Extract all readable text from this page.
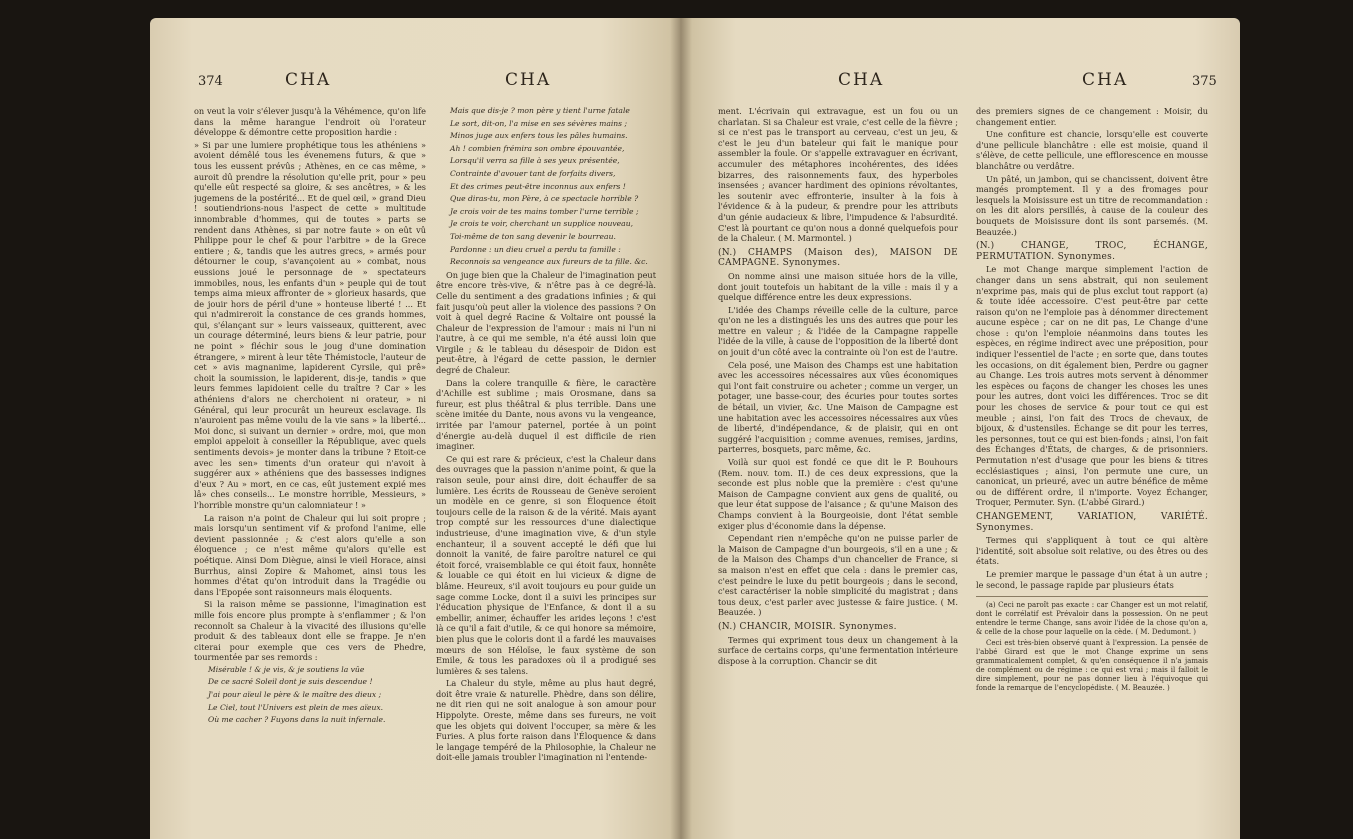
374	CHA	CHA

on veut la voir s'élever jusqu'à la Véhémence, qu'on life dans la même harangue l'endroit où l'orateur développe & démontre cette proposition hardie :

» Si par une lumiere prophétique tous les athéniens » avoient démêlé tous les évenemens futurs, & que » tous les eussent prévûs ; Athènes, en ce cas même, » auroit dû prendre la résolution qu'elle prit, pour » peu qu'elle eût respecté sa gloire, & ses ancêtres, » & les jugemens de la postérité... Et de quel œil, » grand Dieu ! soutiendrions-nous l'aspect de cette » multitude innombrable d'hommes, qui de toutes » parts se rendent dans Athènes, si par notre faute » on eût vû Philippe pour le chef & pour l'arbitre » de la Grece entiere ; &, tandis que les autres grecs, » armés pour détourner le coup, s'avançoient au » combat, nous eussions joué le personnage de » spectateurs immobiles, nous, les enfants d'un » peuple qui de tout temps aima mieux affronter de » glorieux hasards, que de jouir hors de péril d'une » honteuse liberté ! ... Et qui n'admireroit la constance de ces grands hommes, qui, s'élançant sur » leurs vaisseaux, quitterent, avec un courage déterminé, leurs biens & leur patrie, pour ne point » fléchir sous le joug d'une domination étrangere, » mirent à leur tête Thémistocle, l'auteur de cet » avis magnanime, lapiderent Cyrsile, qui prê» choit la soumission, le lapiderent, dis-je, tandis » que leurs femmes lapidoient celle du traître ? Car » les athéniens d'alors ne cherchoient ni orateur, » ni Général, qui leur procurât un heureux esclavage. Ils n'auroient pas même voulu de la vie sans » la liberté... Moi donc, si suivant un dernier » ordre, moi, que mon emploi appeloit à conseiller la République, avec quels sentiments devois» je monter dans la tribune ? Etoit-ce avec les sen» timents d'un orateur qui n'avoit à suggérer aux » athéniens que des bassesses indignes d'eux ? Au » mort, en ce cas, eût justement expié mes lâ» ches conseils... Le monstre horrible, Messieurs, » l'horrible monstre qu'un calomniateur ! »

La raison n'a point de Chaleur qui lui soit propre ; mais lorsqu'un sentiment vif & profond l'anime, elle devient passionnée ; & c'est alors qu'elle a son éloquence ; ce n'est même qu'alors qu'elle est poétique. Ainsi Dom Diègue, ainsi le vieil Horace, ainsi Burrhus, ainsi Zopire & Mahomet, ainsi tous les hommes d'état qu'on introduit dans la Tragédie ou dans l'Epopée sont raisonneurs mais éloquents.

Si la raison même se passionne, l'imagination est mille fois encore plus prompte à s'enflammer ; & l'on reconnoît sa Chaleur à la vivacité des illusions qu'elle produit & des tableaux dont elle se frappe. Je n'en citerai pour exemple que ces vers de Phedre, tourmentée par ses remords :

Misérable ! & je vis, & je soutiens la vûe

De ce sacré Soleil dont je suis descendue !

J'ai pour aïeul le père & le maître des dieux ;

Le Ciel, tout l'Univers est plein de mes aïeux.

Où me cacher ? Fuyons dans la nuit infernale.

Mais que dis-je ? mon père y tient l'urne fatale

Le sort, dit-on, l'a mise en ses sévères mains ;

Minos juge aux enfers tous les pâles humains.

Ah ! combien frémira son ombre épouvantée,

Lorsqu'il verra sa fille à ses yeux présentée,

Contrainte d'avouer tant de forfaits divers,

Et des crimes peut-être inconnus aux enfers !

Que diras-tu, mon Père, à ce spectacle horrible ?

Je crois voir de tes mains tomber l'urne terrible ;

Je crois te voir, cherchant un supplice nouveau,

Toi-même de ton sang devenir le bourreau.

Pardonne : un dieu cruel a perdu ta famille :

Reconnois sa vengeance aux fureurs de ta fille. &c.

On juge bien que la Chaleur de l'imagination peut être encore très-vive, & n'être pas à ce degré-là. Celle du sentiment a des gradations infinies ; & qui fait jusqu'où peut aller la violence des passions ? On voit à quel degré Racine & Voltaire ont poussé la Chaleur de l'expression de l'amour : mais ni l'un ni l'autre, à ce qui me semble, n'a été aussi loin que Virgile ; & le tableau du désespoir de Didon est peut-être, à l'égard de cette passion, le dernier degré de Chaleur.

Dans la colere tranquille & fière, le caractère d'Achille est sublime ; mais Orosmane, dans sa fureur, est plus théâtral & plus terrible. Dans une scène imitée du Dante, nous avons vu la vengeance, irritée par l'amour paternel, portée à un point d'énergie au-delà duquel il est difficile de rien imaginer.

Ce qui est rare & précieux, c'est la Chaleur dans des ouvrages que la passion n'anime point, & que la raison seule, pour ainsi dire, doit échauffer de sa lumière. Les écrits de Rousseau de Genève seroient un modèle en ce genre, si son Éloquence étoit toujours celle de la raison & de la vérité. Mais ayant trop compté sur les ressources d'une dialectique industrieuse, d'une imagination vive, & d'un style enchanteur, il a souvent accepté le défi que lui donnoit la vanité, de faire paroître naturel ce qui étoit forcé, vraisemblable ce qui étoit faux, honnête & louable ce qui étoit en lui vicieux & digne de blâme. Heureux, s'il avoit toujours eu pour guide un sage comme Locke, dont il a suivi les principes sur l'éducation physique de l'Enfance, & dont il a su embellir, animer, échauffer les arides leçons ! c'est là ce qu'il a fait d'utile, & ce qui honore sa mémoire, bien plus que le coloris dont il a fardé les mauvaises mœurs de son Héloïse, le faux système de son Emile, & tous les paradoxes où il a prodigué ses lumières & ses talens.

La Chaleur du style, même au plus haut degré, doit être vraie & naturelle. Phèdre, dans son délire, ne dit rien qui ne soit analogue à son amour pour Hippolyte. Oreste, même dans ses fureurs, ne voit que les objets qui doivent l'occuper, sa mère & les Furies. A plus forte raison dans l'Éloquence & dans le langage tempéré de la Philosophie, la Chaleur ne doit-elle jamais troubler l'imagination ni l'entende-

CHA	CHA	375

ment. L'écrivain qui extravague, est un fou ou un charlatan. Si sa Chaleur est vraie, c'est celle de la fièvre ; si ce n'est pas le transport au cerveau, c'est un jeu, & c'est le jeu d'un bateleur qui fait le manique pour assembler la foule. Or s'appelle extravaguer en écrivant, accumuler des métaphores incohérentes, des idées bizarres, des raisonnements faux, des hyperboles insensées ; avancer hardiment des opinions révoltantes, les soutenir avec effronterie, insulter à la fois à l'évidence & à la pudeur, & prendre pour les attributs d'un génie audacieux & libre, l'impudence & l'absurdité. C'est là pourtant ce qu'on nous a donné quelquefois pour de la Chaleur. ( M. Marmontel. )

(N.) CHAMPS (Maison des), MAISON DE CAMPAGNE. Synonymes.

On nomme ainsi une maison située hors de la ville, dont jouit toutefois un habitant de la ville : mais il y a quelque différence entre les deux expressions.

L'idée des Champs réveille celle de la culture, parce qu'on ne les a distingués les uns des autres que pour les mettre en valeur ; & l'idée de la Campagne rappelle l'idée de la ville, à cause de l'opposition de la liberté dont on jouit d'un côté avec la contrainte où l'on est de l'autre.

Cela posé, une Maison des Champs est une habitation avec les accessoires nécessaires aux vûes économiques qui l'ont fait construire ou acheter ; comme un verger, un potager, une basse-cour, des écuries pour toutes sortes de bétail, un vivier, &c. Une Maison de Campagne est une habitation avec les accessoires nécessaires aux vûes de liberté, d'indépendance, & de plaisir, qui en ont suggéré l'acquisition ; comme avenues, remises, jardins, parterres, bosquets, parc même, &c.

Voilà sur quoi est fondé ce que dit le P. Bouhours (Rem. nouv. tom. II.) de ces deux expressions, que la seconde est plus noble que la première : c'est qu'une Maison de Campagne convient aux gens de qualité, ou que leur état suppose de l'aisance ; & qu'une Maison des Champs convient à la Bourgeoisie, dont l'état semble exiger plus d'économie dans la dépense.

Cependant rien n'empêche qu'on ne puisse parler de la Maison de Campagne d'un bourgeois, s'il en a une ; & de la Maison des Champs d'un chancelier de France, si sa maison n'est en effet que cela : dans le premier cas, c'est peindre le luxe du petit bourgeois ; dans le second, c'est caractériser la noble simplicité du magistrat ; dans tous deux, c'est parler avec justesse & faire justice. ( M. Beauzée. )

(N.) CHANCIR, MOISIR. Synonymes.

Termes qui expriment tous deux un changement à la surface de certains corps, qu'une fermentation intérieure dispose à la corruption. Chancir se dit

des premiers signes de ce changement : Moisir, du changement entier.

Une confiture est chancie, lorsqu'elle est couverte d'une pellicule blanchâtre : elle est moisie, quand il s'élève, de cette pellicule, une efflorescence en mousse blanchâtre ou verdâtre.

Un pâté, un jambon, qui se chancissent, doivent être mangés promptement. Il y a des fromages pour lesquels la Moisissure est un titre de recommandation : on les dit alors persillés, à cause de la couleur des bouquets de Moisissure dont ils sont parsemés. (M. Beauzée.)

(N.) CHANGE, TROC, ÉCHANGE, PERMUTATION. Synonymes.

Le mot Change marque simplement l'action de changer dans un sens abstrait, qui non seulement n'exprime pas, mais qui de plus exclut tout rapport (a) & toute idée accessoire. C'est peut-être par cette raison qu'on ne l'emploie pas à dénommer directement aucune espèce ; car on ne dit pas, Le Change d'une chose : qu'on l'emploie néanmoins dans toutes les espèces, en régime indirect avec une préposition, pour indiquer l'essentiel de l'acte ; en sorte que, dans toutes les occasions, on dit également bien, Perdre ou gagner au Change. Les trois autres mots servent à dénommer les espèces ou façons de changer les choses les unes pour les autres, dont voici les différences. Troc se dit pour les choses de service & pour tout ce qui est meuble ; ainsi, l'on fait des Trocs de chevaux, de bijoux, & d'ustensiles. Échange se dit pour les terres, les personnes, tout ce qui est bien-fonds ; ainsi, l'on fait des Échanges d'États, de charges, & de prisonniers. Permutation n'est d'usage que pour les biens & titres ecclésiastiques ; ainsi, l'on permute une cure, un canonicat, un prieuré, avec un autre bénéfice de même ou de différent ordre, il n'importe. Voyez Échanger, Troquer, Permuter. Syn. (L'abbé Girard.)

CHANGEMENT, VARIATION, VARIÉTÉ. Synonymes.

Termes qui s'appliquent à tout ce qui altère l'identité, soit absolue soit relative, ou des êtres ou des états.

Le premier marque le passage d'un état à un autre ; le second, le passage rapide par plusieurs états

(a) Ceci ne paroît pas exacte : car Changer est un mot relatif, dont le corrélatif est Prévaloir dans la possession. On ne peut entendre le terme Change, sans avoir l'idée de la chose qu'on a, & celle de la chose pour laquelle on la cède. ( M. Dedumont. )

Ceci est très-bien observé quant à l'expression. La pensée de l'abbé Girard est que le mot Change exprime un sens grammaticalement complet, & qu'en conséquence il n'a jamais de complément ou de régime : ce qui est vrai ; mais il falloit le dire simplement, pour ne pas donner lieu à l'équivoque qui fonde la remarque de l'encyclopédiste. ( M. Beauzée. )
